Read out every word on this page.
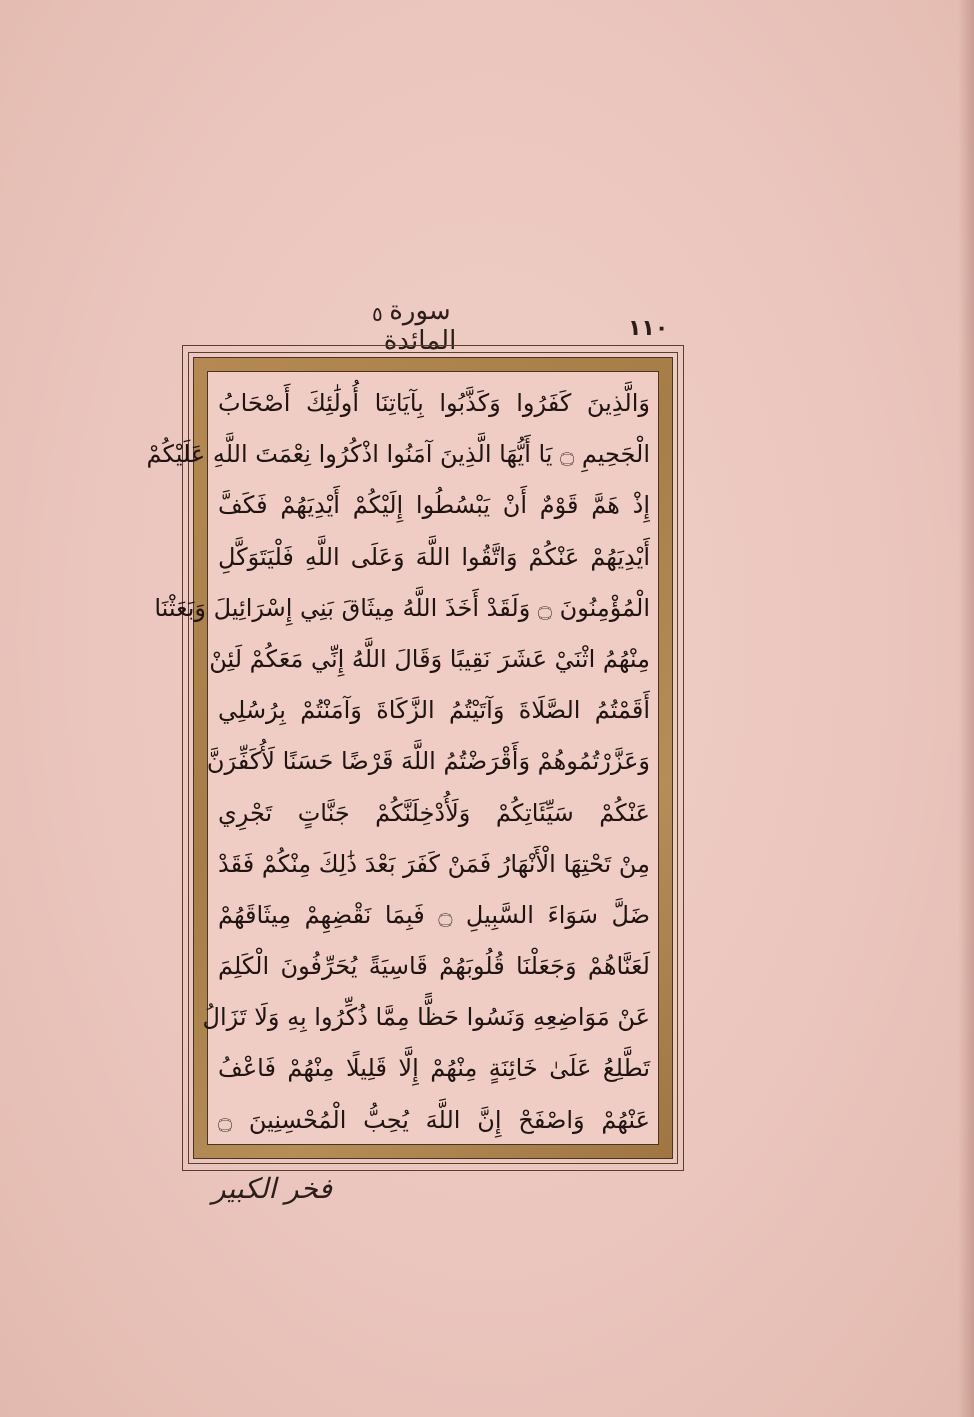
سورة المائدة
٥
١١٠
وَالَّذِينَ كَفَرُوا وَكَذَّبُوا بِآيَاتِنَا أُولَٰئِكَ أَصْحَابُ
الْجَحِيمِ ۝ يَا أَيُّهَا الَّذِينَ آمَنُوا اذْكُرُوا نِعْمَتَ اللَّهِ عَلَيْكُمْ
إِذْ هَمَّ قَوْمٌ أَنْ يَبْسُطُوا إِلَيْكُمْ أَيْدِيَهُمْ فَكَفَّ
أَيْدِيَهُمْ عَنْكُمْ وَاتَّقُوا اللَّهَ وَعَلَى اللَّهِ فَلْيَتَوَكَّلِ
الْمُؤْمِنُونَ ۝ وَلَقَدْ أَخَذَ اللَّهُ مِيثَاقَ بَنِي إِسْرَائِيلَ وَبَعَثْنَا
مِنْهُمُ اثْنَيْ عَشَرَ نَقِيبًا وَقَالَ اللَّهُ إِنِّي مَعَكُمْ لَئِنْ
أَقَمْتُمُ الصَّلَاةَ وَآتَيْتُمُ الزَّكَاةَ وَآمَنْتُمْ بِرُسُلِي
وَعَزَّرْتُمُوهُمْ وَأَقْرَضْتُمُ اللَّهَ قَرْضًا حَسَنًا لَأُكَفِّرَنَّ
عَنْكُمْ سَيِّئَاتِكُمْ وَلَأُدْخِلَنَّكُمْ جَنَّاتٍ تَجْرِي
مِنْ تَحْتِهَا الْأَنْهَارُ فَمَنْ كَفَرَ بَعْدَ ذَٰلِكَ مِنْكُمْ فَقَدْ
ضَلَّ سَوَاءَ السَّبِيلِ ۝ فَبِمَا نَقْضِهِمْ مِيثَاقَهُمْ
لَعَنَّاهُمْ وَجَعَلْنَا قُلُوبَهُمْ قَاسِيَةً يُحَرِّفُونَ الْكَلِمَ
عَنْ مَوَاضِعِهِ وَنَسُوا حَظًّا مِمَّا ذُكِّرُوا بِهِ وَلَا تَزَالُ
تَطَّلِعُ عَلَىٰ خَائِنَةٍ مِنْهُمْ إِلَّا قَلِيلًا مِنْهُمْ فَاعْفُ
عَنْهُمْ وَاصْفَحْ إِنَّ اللَّهَ يُحِبُّ الْمُحْسِنِينَ ۝
فخر الكبير
